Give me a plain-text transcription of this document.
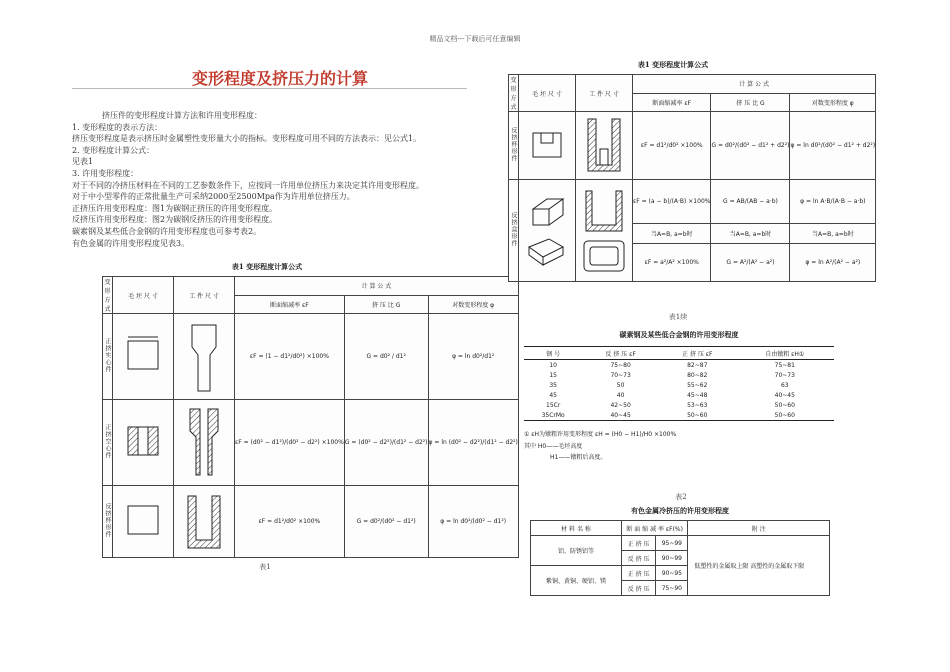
精品文档---下载后可任意编辑
变形程度及挤压力的计算
挤压件的变形程度计算方法和许用变形程度：
1. 变形程度的表示方法：
挤压变形程度是表示挤压时金属塑性变形量大小的指标。变形程度可用不同的方法表示：见公式1。
2. 变形程度计算公式：
见表1
3. 许用变形程度：
对于不同的冷挤压材料在不同的工艺参数条件下，应按同一许用单位挤压力来决定其许用变形程度。
对于中小型零件的正常批量生产可采纳2000至2500Mpa作为许用单位挤压力。
正挤压许用变形程度：图1为碳钢正挤压的许用变形程度。
反挤压许用变形程度：图2为碳钢反挤压的许用变形程度。
碳素钢及某些低合金钢的许用变形程度也可参考表2。
有色金属的许用变形程度见表3。
表1 变形程度计算公式
变形方式	毛 坯 尺 寸	工 件 尺 寸	计 算 公 式		
			断面缩减率 εF	挤 压 比 G	对数变形程度 φ
正挤实心件			εF = (1 − d1²/d0²) ×100%	G = d0² / d1²	φ = ln d0²/d1²
正挤空心件			εF = (d0² − d1²)/(d0² − d2²) ×100%	G = (d0² − d2²)/(d1² − d2²)	φ = ln (d0² − d2²)/(d1² − d2²)
反挤杯形件			εF = d1²/d0² ×100%	G = d0²/(d0² − d1²)	φ = ln d0²/(d0² − d1²)
表1
表1 变形程度计算公式
变形方式	毛 坯 尺 寸	工 件 尺 寸	计 算 公 式		
			断面缩减率 εF	挤 压 比 G	对数变形程度 φ
反挤杯形件			εF = d1²/d0² ×100%	G = d0²/(d0² − d1² + d2²)	φ = ln d0²/(d0² − d1² + d2²)
反挤盒形件			εF = (a − b)/(A·B) ×100%	G = AB/(AB − a·b)	φ = ln A·B/(A·B − a·b)
			当A=B, a=b时	当A=B, a=b时	当A=B, a=b时
			εF = a²/A² ×100%	G = A²/(A² − a²)	φ = ln A²/(A² − a²)
表1续
碳素钢及某些低合金钢的许用变形程度
钢 号	反 挤 压 εF	正 挤 压 εF	自由镦粗 εH①
10	75~80	82~87	75~81
15	70~73	80~82	70~73
35	50	55~62	63
45	40	45~48	40~45
15Cr	42~50	53~63	50~60
35CrMo	40~45	50~60	50~60
① εH为镦粗许用变形程度 εH = (H0 − H1)/H0 ×100%
其中 H0——毛坯高度
H1——镦粗后高度。
表2
有色金属冷挤压的许用变形程度
材 料 名 称	断 面 缩 减 率 εF(%)		附 注
铝、防锈铝等	正 挤 压	95~99	低塑性的金属取上限 高塑性的金属取下限
	反 挤 压	90~99	
紫铜、黄铜、硬铝、镁	正 挤 压	90~95	
	反 挤 压	75~90	
